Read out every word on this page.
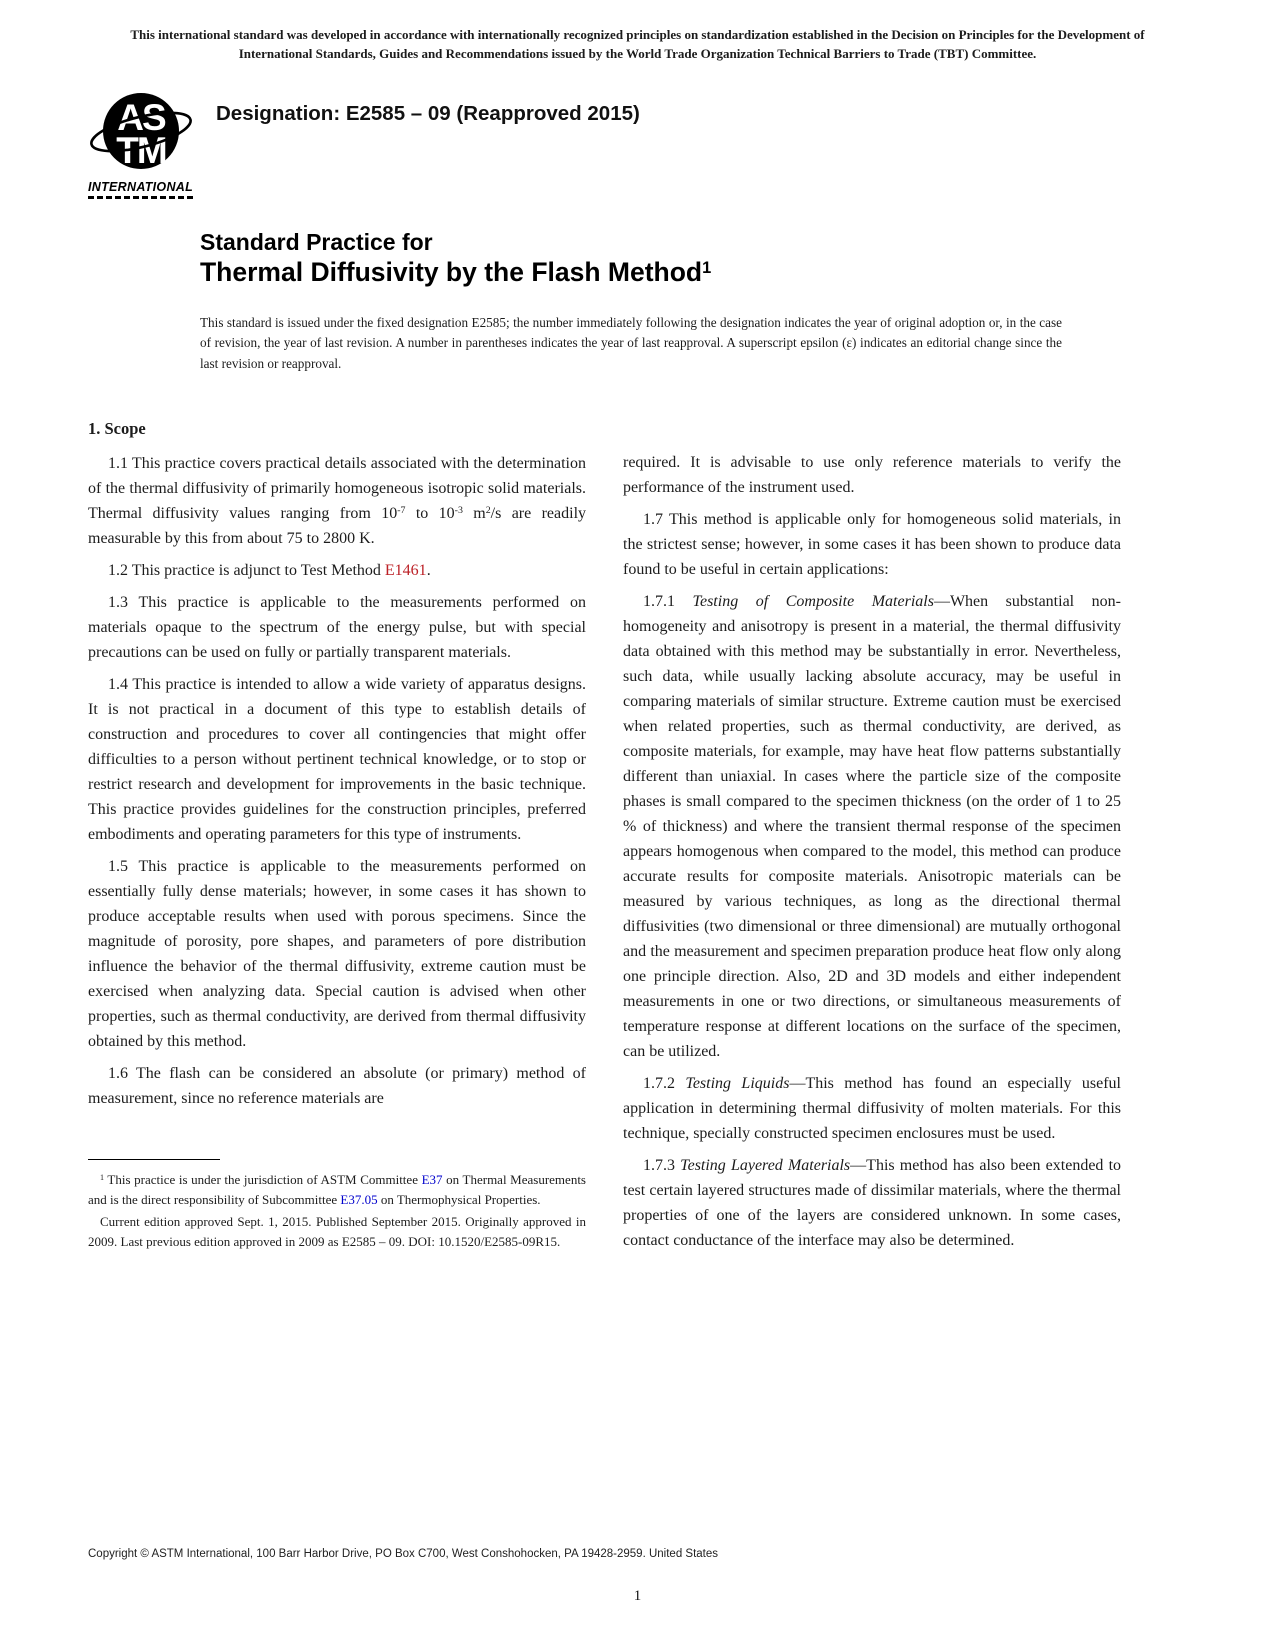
This international standard was developed in accordance with internationally recognized principles on standardization established in the Decision on Principles for the Development of International Standards, Guides and Recommendations issued by the World Trade Organization Technical Barriers to Trade (TBT) Committee.
AS
TM
INTERNATIONAL
Designation: E2585 – 09 (Reapproved 2015)
Standard Practice for
Thermal Diffusivity by the Flash Method$^1$
This standard is issued under the fixed designation E2585; the number immediately following the designation indicates the year of original adoption or, in the case of revision, the year of last revision. A number in parentheses indicates the year of last reapproval. A superscript epsilon (ε) indicates an editorial change since the last revision or reapproval.
1. Scope

1.1 This practice covers practical details associated with the determination of the thermal diffusivity of primarily homogeneous isotropic solid materials. Thermal diffusivity values ranging from $10^{-7}$ to $10^{-3}$ $m^2/s$ are readily measurable by this from about 75 to 2800 K.

1.2 This practice is adjunct to Test Method E1461.

1.3 This practice is applicable to the measurements performed on materials opaque to the spectrum of the energy pulse, but with special precautions can be used on fully or partially transparent materials.

1.4 This practice is intended to allow a wide variety of apparatus designs. It is not practical in a document of this type to establish details of construction and procedures to cover all contingencies that might offer difficulties to a person without pertinent technical knowledge, or to stop or restrict research and development for improvements in the basic technique. This practice provides guidelines for the construction principles, preferred embodiments and operating parameters for this type of instruments.

1.5 This practice is applicable to the measurements performed on essentially fully dense materials; however, in some cases it has shown to produce acceptable results when used with porous specimens. Since the magnitude of porosity, pore shapes, and parameters of pore distribution influence the behavior of the thermal diffusivity, extreme caution must be exercised when analyzing data. Special caution is advised when other properties, such as thermal conductivity, are derived from thermal diffusivity obtained by this method.

1.6 The flash can be considered an absolute (or primary) method of measurement, since no reference materials are

$^1$ This practice is under the jurisdiction of ASTM Committee E37 on Thermal Measurements and is the direct responsibility of Subcommittee E37.05 on Thermophysical Properties.

Current edition approved Sept. 1, 2015. Published September 2015. Originally approved in 2009. Last previous edition approved in 2009 as E2585 – 09. DOI: 10.1520/E2585-09R15.

required. It is advisable to use only reference materials to verify the performance of the instrument used.

1.7 This method is applicable only for homogeneous solid materials, in the strictest sense; however, in some cases it has been shown to produce data found to be useful in certain applications:

1.7.1 Testing of Composite Materials—When substantial non-homogeneity and anisotropy is present in a material, the thermal diffusivity data obtained with this method may be substantially in error. Nevertheless, such data, while usually lacking absolute accuracy, may be useful in comparing materials of similar structure. Extreme caution must be exercised when related properties, such as thermal conductivity, are derived, as composite materials, for example, may have heat flow patterns substantially different than uniaxial. In cases where the particle size of the composite phases is small compared to the specimen thickness (on the order of 1 to 25 % of thickness) and where the transient thermal response of the specimen appears homogenous when compared to the model, this method can produce accurate results for composite materials. Anisotropic materials can be measured by various techniques, as long as the directional thermal diffusivities (two dimensional or three dimensional) are mutually orthogonal and the measurement and specimen preparation produce heat flow only along one principle direction. Also, 2D and 3D models and either independent measurements in one or two directions, or simultaneous measurements of temperature response at different locations on the surface of the specimen, can be utilized.

1.7.2 Testing Liquids—This method has found an especially useful application in determining thermal diffusivity of molten materials. For this technique, specially constructed specimen enclosures must be used.

1.7.3 Testing Layered Materials—This method has also been extended to test certain layered structures made of dissimilar materials, where the thermal properties of one of the layers are considered unknown. In some cases, contact conductance of the interface may also be determined.

Copyright © ASTM International, 100 Barr Harbor Drive, PO Box C700, West Conshohocken, PA 19428-2959. United States
1
